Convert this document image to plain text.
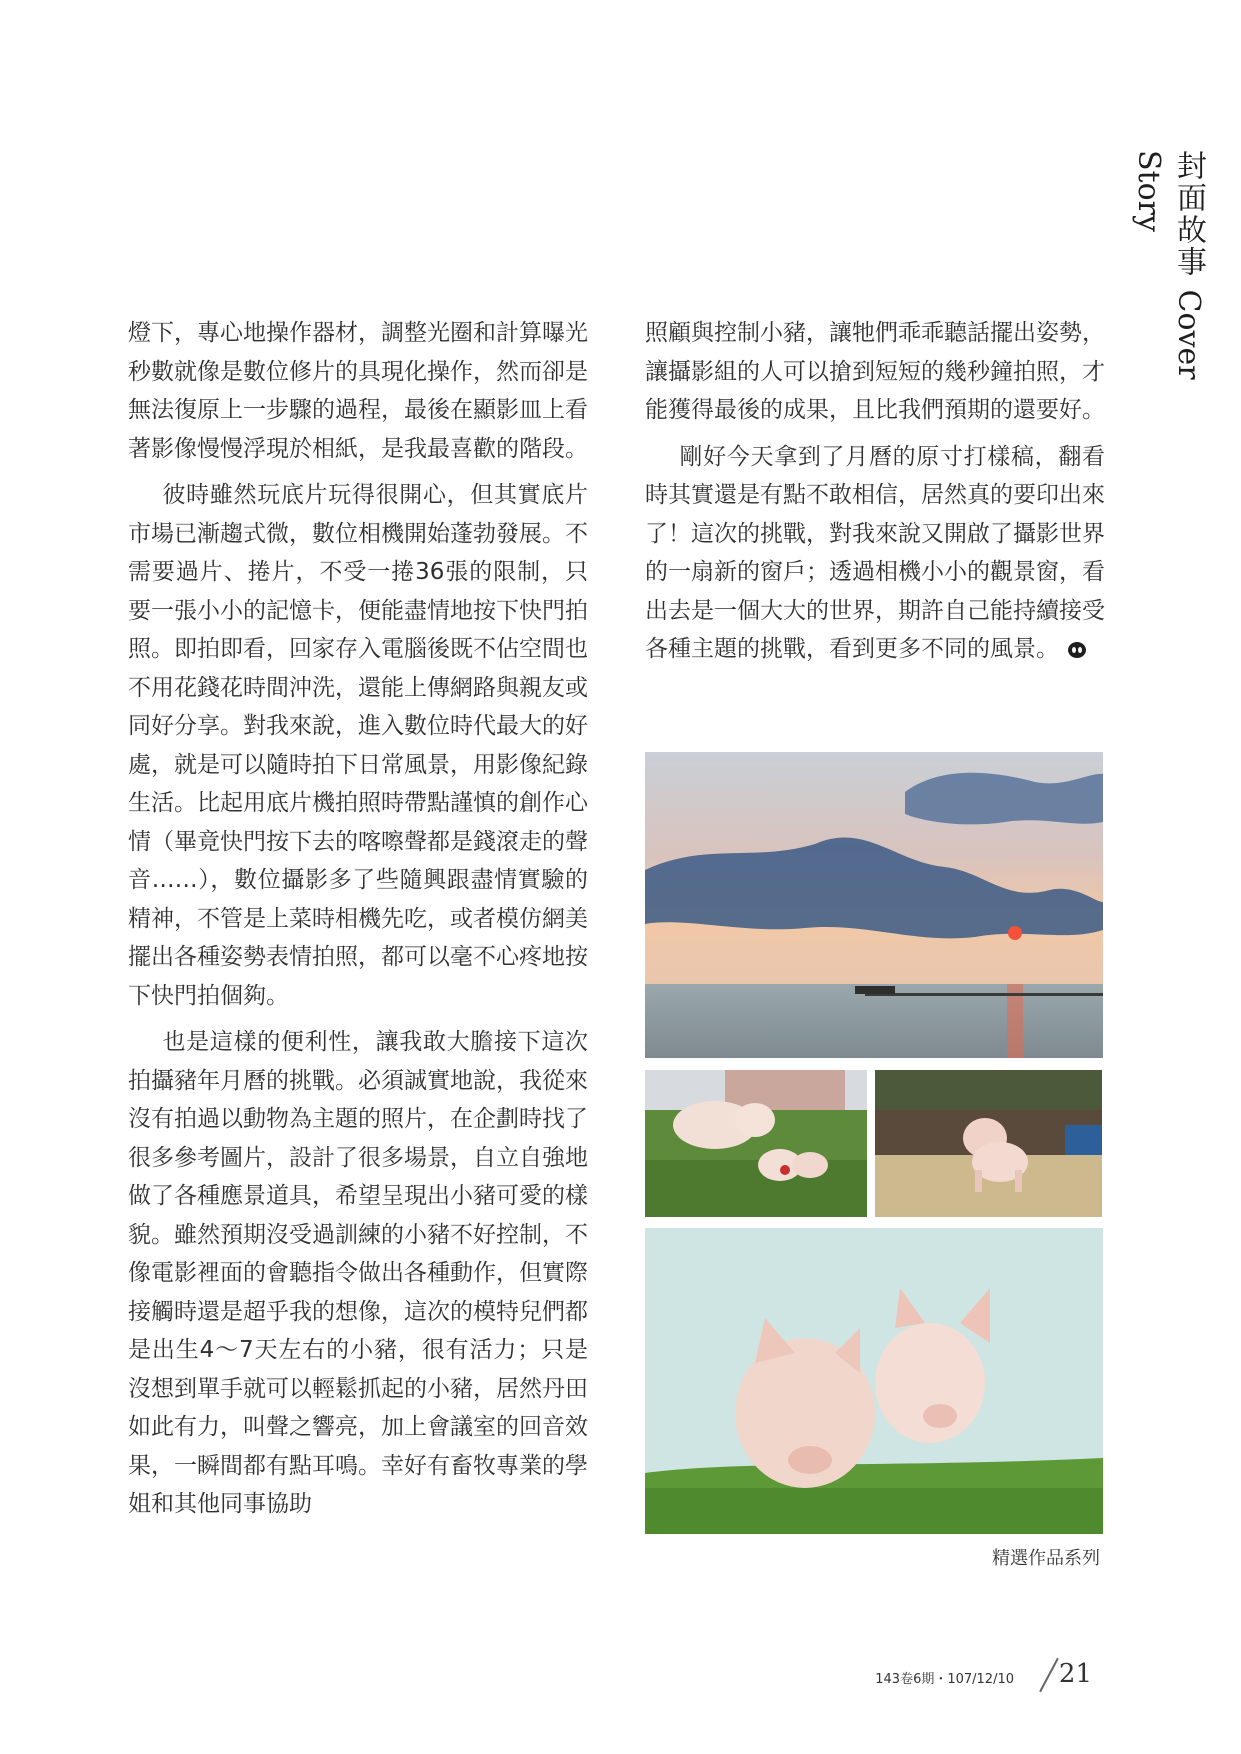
封面故事 Cover Story

燈下，專心地操作器材，調整光圈和計算曝光秒數就像是數位修片的具現化操作，然而卻是無法復原上一步驟的過程，最後在顯影皿上看著影像慢慢浮現於相紙，是我最喜歡的階段。

彼時雖然玩底片玩得很開心，但其實底片市場已漸趨式微，數位相機開始蓬勃發展。不需要過片、捲片，不受一捲36張的限制，只要一張小小的記憶卡，便能盡情地按下快門拍照。即拍即看，回家存入電腦後既不佔空間也不用花錢花時間沖洗，還能上傳網路與親友或同好分享。對我來說，進入數位時代最大的好處，就是可以隨時拍下日常風景，用影像紀錄生活。比起用底片機拍照時帶點謹慎的創作心情（畢竟快門按下去的喀嚓聲都是錢滾走的聲音……），數位攝影多了些隨興跟盡情實驗的精神，不管是上菜時相機先吃，或者模仿網美擺出各種姿勢表情拍照，都可以毫不心疼地按下快門拍個夠。

也是這樣的便利性，讓我敢大膽接下這次拍攝豬年月曆的挑戰。必須誠實地說，我從來沒有拍過以動物為主題的照片，在企劃時找了很多參考圖片，設計了很多場景，自立自強地做了各種應景道具，希望呈現出小豬可愛的樣貌。雖然預期沒受過訓練的小豬不好控制，不像電影裡面的會聽指令做出各種動作，但實際接觸時還是超乎我的想像，這次的模特兒們都是出生4～7天左右的小豬，很有活力；只是沒想到單手就可以輕鬆抓起的小豬，居然丹田如此有力，叫聲之響亮，加上會議室的回音效果，一瞬間都有點耳鳴。幸好有畜牧專業的學姐和其他同事協助

照顧與控制小豬，讓牠們乖乖聽話擺出姿勢，讓攝影組的人可以搶到短短的幾秒鐘拍照，才能獲得最後的成果，且比我們預期的還要好。

剛好今天拿到了月曆的原寸打樣稿，翻看時其實還是有點不敢相信，居然真的要印出來了！這次的挑戰，對我來說又開啟了攝影世界的一扇新的窗戶；透過相機小小的觀景窗，看出去是一個大大的世界，期許自己能持續接受各種主題的挑戰，看到更多不同的風景。

精選作品系列
143卷6期・107/12/10 21
